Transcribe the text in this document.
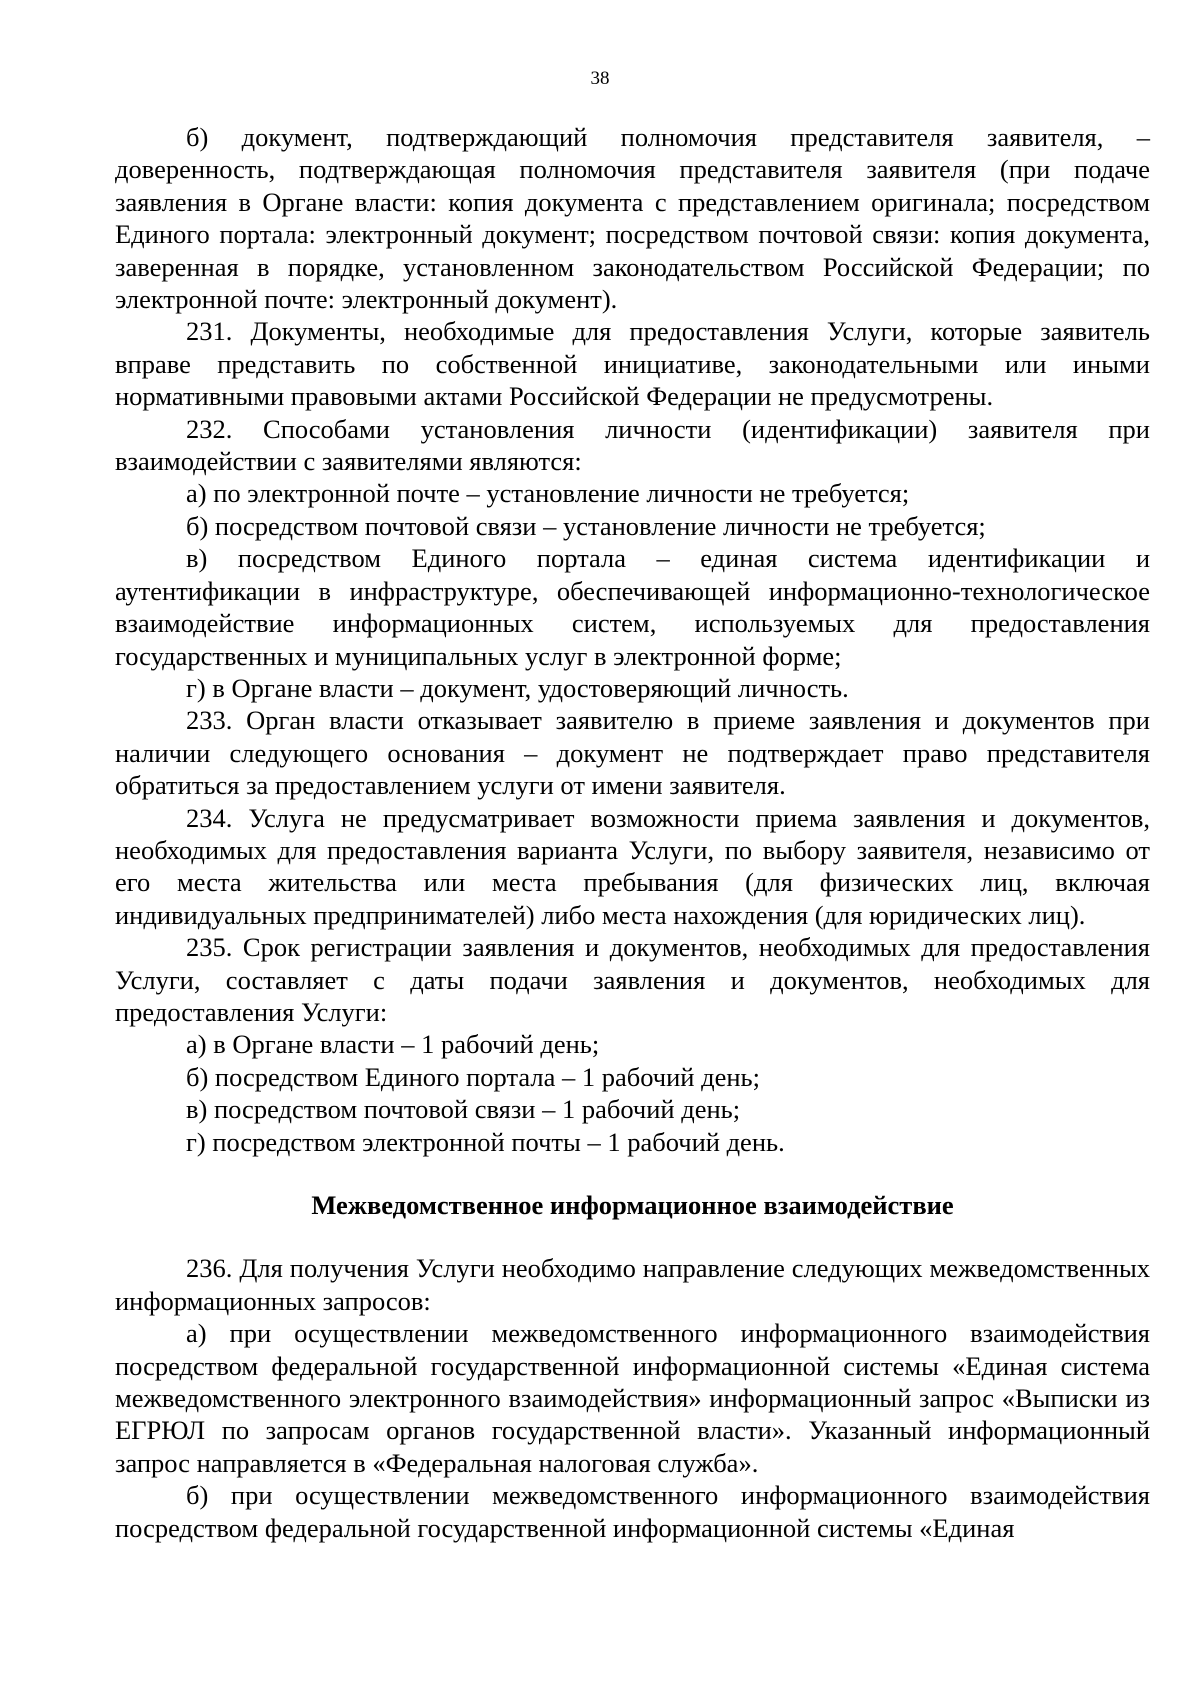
38

б) документ, подтверждающий полномочия представителя заявителя, – доверенность, подтверждающая полномочия представителя заявителя (при подаче заявления в Органе власти: копия документа с представлением оригинала; посредством Единого портала: электронный документ; посредством почтовой связи: копия документа, заверенная в порядке, установленном законодательством Российской Федерации; по электронной почте: электронный документ).

231. Документы, необходимые для предоставления Услуги, которые заявитель вправе представить по собственной инициативе, законодательными или иными нормативными правовыми актами Российской Федерации не предусмотрены.

232. Способами установления личности (идентификации) заявителя при взаимодействии с заявителями являются:

а) по электронной почте – установление личности не требуется;

б) посредством почтовой связи – установление личности не требуется;

в) посредством Единого портала – единая система идентификации и аутентификации в инфраструктуре, обеспечивающей информационно-технологическое взаимодействие информационных систем, используемых для предоставления государственных и муниципальных услуг в электронной форме;

г) в Органе власти – документ, удостоверяющий личность.

233. Орган власти отказывает заявителю в приеме заявления и документов при наличии следующего основания – документ не подтверждает право представителя обратиться за предоставлением услуги от имени заявителя.

234. Услуга не предусматривает возможности приема заявления и документов, необходимых для предоставления варианта Услуги, по выбору заявителя, независимо от его места жительства или места пребывания (для физических лиц, включая индивидуальных предпринимателей) либо места нахождения (для юридических лиц).

235. Срок регистрации заявления и документов, необходимых для предоставления Услуги, составляет с даты подачи заявления и документов, необходимых для предоставления Услуги:

а) в Органе власти – 1 рабочий день;

б) посредством Единого портала – 1 рабочий день;

в) посредством почтовой связи – 1 рабочий день;

г) посредством электронной почты – 1 рабочий день.

Межведомственное информационное взаимодействие

236. Для получения Услуги необходимо направление следующих межведомственных информационных запросов:

а) при осуществлении межведомственного информационного взаимодействия посредством федеральной государственной информационной системы «Единая система межведомственного электронного взаимодействия» информационный запрос «Выписки из ЕГРЮЛ по запросам органов государственной власти». Указанный информационный запрос направляется в «Федеральная налоговая служба».

б) при осуществлении межведомственного информационного взаимодействия посредством федеральной государственной информационной системы «Единая
